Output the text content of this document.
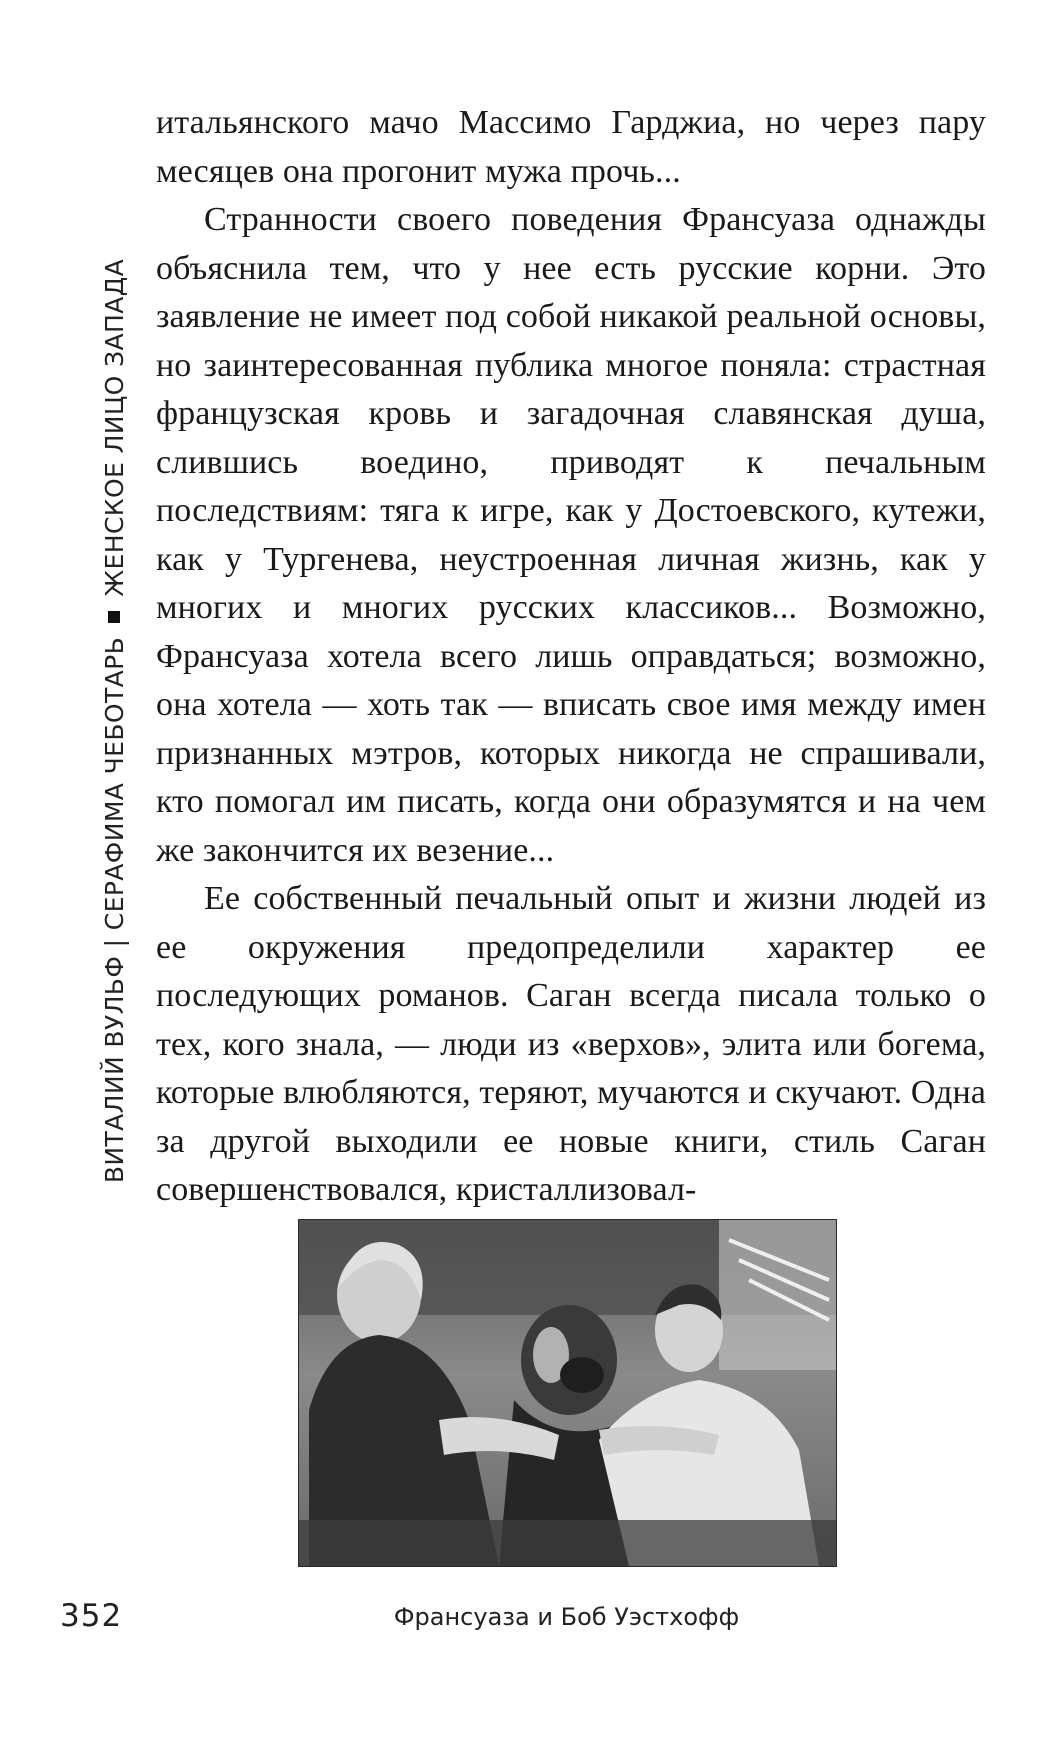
ВИТАЛИЙ ВУЛЬФ | СЕРАФИМА ЧЕБОТАРЬ
ЖЕНСКОЕ ЛИЦО ЗАПАДА

итальянского мачо Массимо Гарджиа, но через пару месяцев она прогонит мужа прочь...

Странности своего поведения Франсуаза однажды объяснила тем, что у нее есть русские корни. Это заявление не имеет под собой никакой реальной основы, но заинтересованная публика многое поняла: страстная французская кровь и загадочная славянская душа, слившись воедино, приводят к печальным последствиям: тяга к игре, как у Достоевского, кутежи, как у Тургенева, неустроенная личная жизнь, как у многих и многих русских классиков... Возможно, Франсуаза хотела всего лишь оправдаться; возможно, она хотела — хоть так — вписать свое имя между имен признанных мэтров, которых никогда не спрашивали, кто помогал им писать, когда они образумятся и на чем же закончится их везение...

Ее собственный печальный опыт и жизни людей из ее окружения предопределили характер ее последующих романов. Саган всегда писала только о тех, кого знала, — люди из «верхов», элита или богема, которые влюбляются, теряют, мучаются и скучают. Одна за другой выходили ее новые книги, стиль Саган совершенствовался, кристаллизовал-

352	Франсуаза и Боб Уэстхофф
